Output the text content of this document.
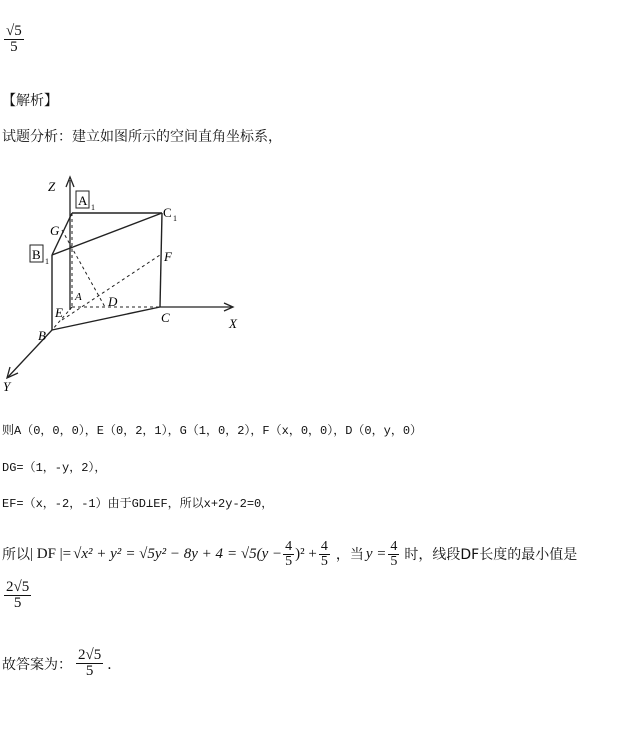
$\frac{√5}{5}$
【解析】
试题分析：建立如图所示的空间直角坐标系，
Z
X
Y
A 1
B 1
C 1
G
F
A D
E
B
C
则A（0，0，0），E（0，2，1），G（1，0，2），F（x，0，0），D（0，y，0）
DG=（1，-y，2），
EF=（x，-2，-1）由于GD⊥EF，所以x+2y-2=0，
所以 | DF |= $√x^2 + y^2 = √5y^2 - 8y + 4 = √5(y - \frac{4}{5} )^2 + \frac{4}{5}$ ，当 $y = \frac{4}{5}$ 时，线段DF长度的最小值是
$\frac{2√5}{5}$
故答案为： $\frac{2√5}{5}$ ．
